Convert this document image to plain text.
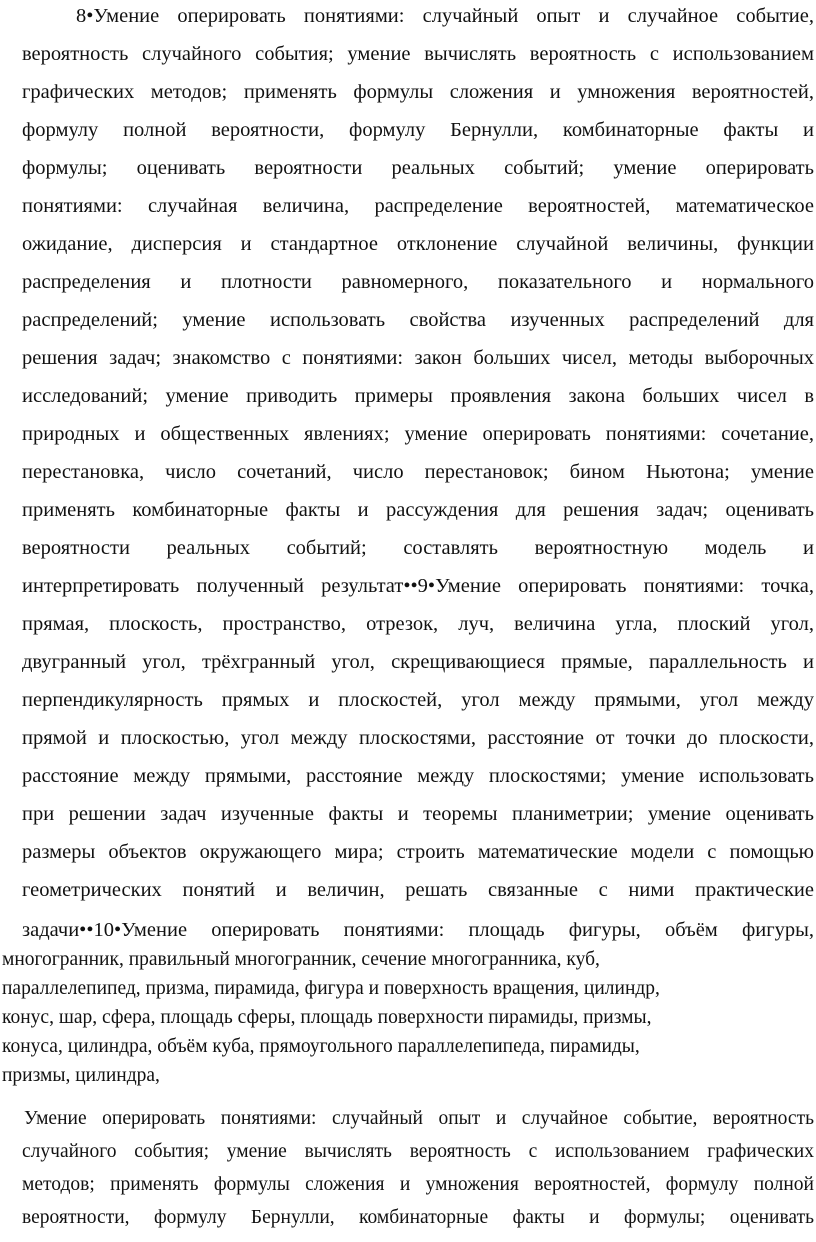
8•Умение оперировать понятиями: случайный опыт и случайное событие,
вероятность случайного события; умение вычислять вероятность с использованием
графических методов; применять формулы сложения и умножения вероятностей,
формулу полной вероятности, формулу Бернулли, комбинаторные факты и
формулы; оценивать вероятности реальных событий; умение оперировать
понятиями: случайная величина, распределение вероятностей, математическое
ожидание, дисперсия и стандартное отклонение случайной величины, функции
распределения и плотности равномерного, показательного и нормального
распределений; умение использовать свойства изученных распределений для
решения задач; знакомство с понятиями: закон больших чисел, методы выборочных
исследований; умение приводить примеры проявления закона больших чисел в
природных и общественных явлениях; умение оперировать понятиями: сочетание,
перестановка, число сочетаний, число перестановок; бином Ньютона; умение
применять комбинаторные факты и рассуждения для решения задач; оценивать
вероятности реальных событий; составлять вероятностную модель и
интерпретировать полученный результат••9•Умение оперировать понятиями: точка,
прямая, плоскость, пространство, отрезок, луч, величина угла, плоский угол,
двугранный угол, трёхгранный угол, скрещивающиеся прямые, параллельность и
перпендикулярность прямых и плоскостей, угол между прямыми, угол между
прямой и плоскостью, угол между плоскостями, расстояние от точки до плоскости,
расстояние между прямыми, расстояние между плоскостями; умение использовать
при решении задач изученные факты и теоремы планиметрии; умение оценивать
размеры объектов окружающего мира; строить математические модели с помощью
геометрических понятий и величин, решать связанные с ними практические
задачи••10•Умение оперировать понятиями: площадь фигуры, объём фигуры,
многогранник, правильный многогранник, сечение многогранника, куб,
параллелепипед, призма, пирамида, фигура и поверхность вращения, цилиндр,
конус, шар, сфера, площадь сферы, площадь поверхности пирамиды, призмы,
конуса, цилиндра, объём куба, прямоугольного параллелепипеда, пирамиды,
призмы, цилиндра,
Умение оперировать понятиями: случайный опыт и случайное событие, вероятность
случайного события; умение вычислять вероятность с использованием графических
методов; применять формулы сложения и умножения вероятностей, формулу полной
вероятности, формулу Бернулли, комбинаторные факты и формулы; оценивать
